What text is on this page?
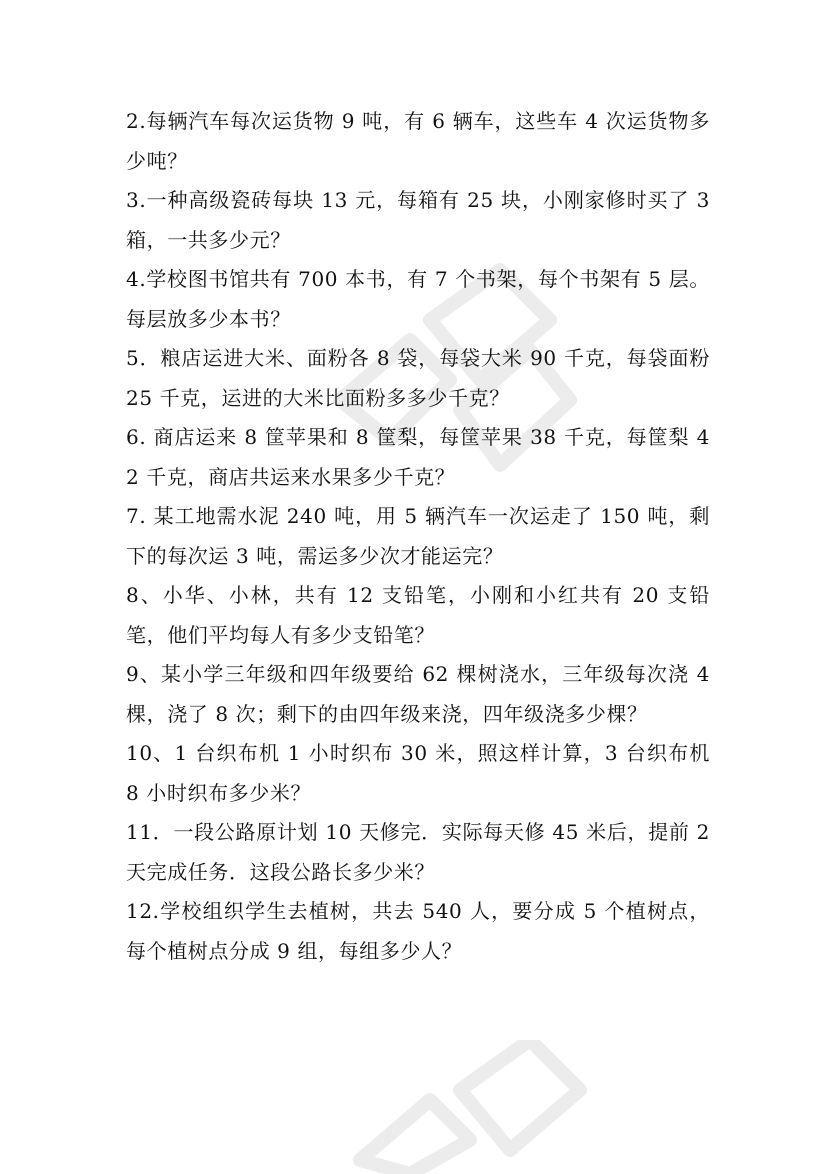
2.每辆汽车每次运货物 9 吨，有 6 辆车，这些车 4 次运货物多少吨？

3.一种高级瓷砖每块 13 元，每箱有 25 块，小刚家修时买了 3 箱，一共多少元？

4.学校图书馆共有 700 本书，有 7 个书架，每个书架有 5 层。每层放多少本书？

5．粮店运进大米、面粉各 8 袋，每袋大米 90 千克，每袋面粉 25 千克，运进的大米比面粉多多少千克？

6. 商店运来 8 筐苹果和 8 筐梨，每筐苹果 38 千克，每筐梨 42 千克，商店共运来水果多少千克？

7. 某工地需水泥 240 吨，用 5 辆汽车一次运走了 150 吨，剩下的每次运 3 吨，需运多少次才能运完？

8、小华、小林，共有 12 支铅笔，小刚和小红共有 20 支铅笔，他们平均每人有多少支铅笔？

9、某小学三年级和四年级要给 62 棵树浇水，三年级每次浇 4 棵，浇了 8 次；剩下的由四年级来浇，四年级浇多少棵？

10、1 台织布机 1 小时织布 30 米，照这样计算，3 台织布机 8 小时织布多少米？

11．一段公路原计划 10 天修完．实际每天修 45 米后，提前 2 天完成任务．这段公路长多少米？

12.学校组织学生去植树，共去 540 人，要分成 5 个植树点，每个植树点分成 9 组，每组多少人？
